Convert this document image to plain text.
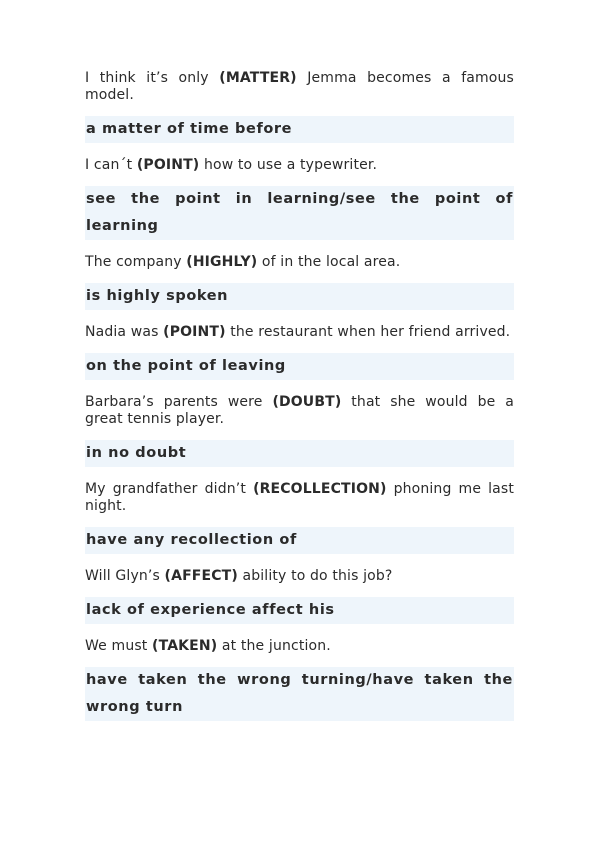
I think it’s only (MATTER) Jemma becomes a famous model.

a matter of time before

I can´t (POINT) how to use a typewriter.

see the point in learning/see the point of learning

The company (HIGHLY) of in the local area.

is highly spoken

Nadia was (POINT) the restaurant when her friend arrived.

on the point of leaving

Barbara’s parents were (DOUBT) that she would be a great tennis player.

in no doubt

My grandfather didn’t (RECOLLECTION) phoning me last night.

have any recollection of

Will Glyn’s (AFFECT) ability to do this job?

lack of experience affect his

We must (TAKEN) at the junction.

have taken the wrong turning/have taken the wrong turn
